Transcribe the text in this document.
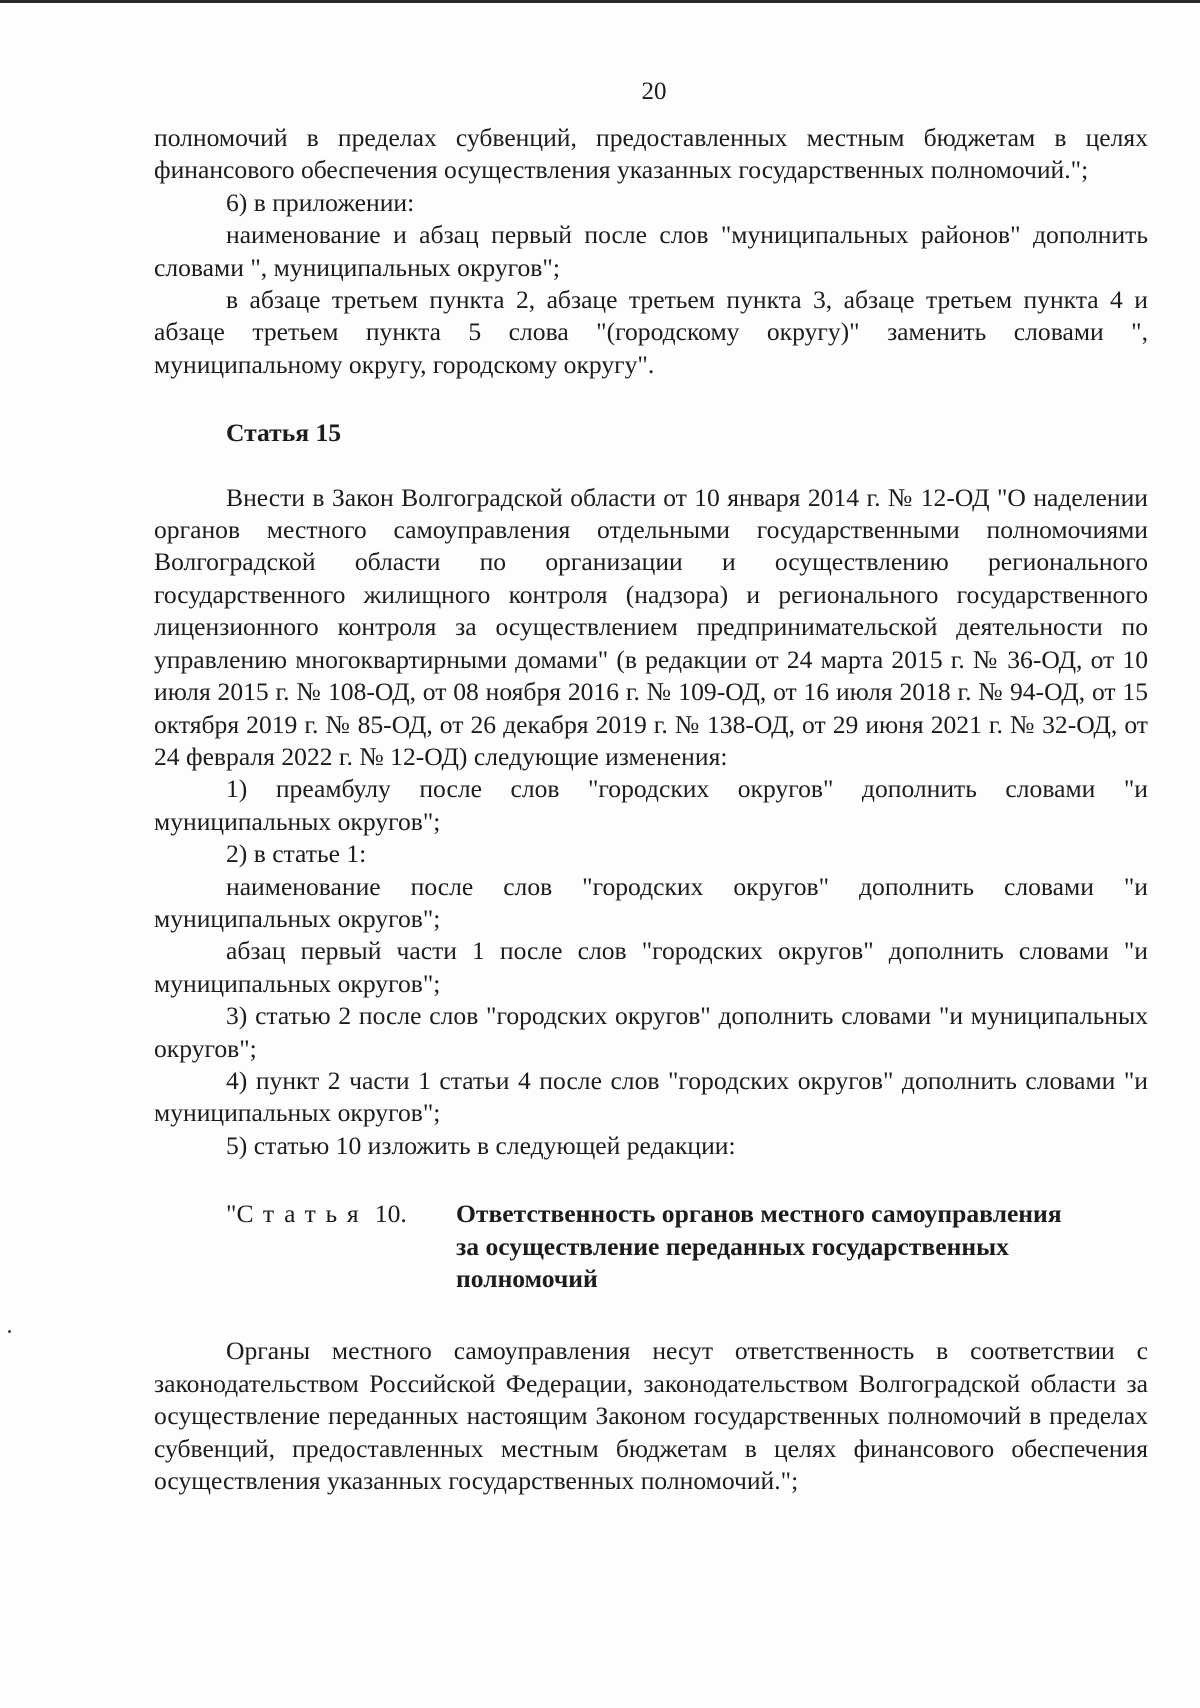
20

полномочий в пределах субвенций, предоставленных местным бюджетам в целях финансового обеспечения осуществления указанных государственных полномочий.";

6) в приложении:

наименование и абзац первый после слов "муниципальных районов" дополнить словами ", муниципальных округов";

в абзаце третьем пункта 2, абзаце третьем пункта 3, абзаце третьем пункта 4 и абзаце третьем пункта 5 слова "(городскому округу)" заменить словами ", муниципальному округу, городскому округу".

Статья 15

Внести в Закон Волгоградской области от 10 января 2014 г. № 12-ОД "О наделении органов местного самоуправления отдельными государственными полномочиями Волгоградской области по организации и осуществлению регионального государственного жилищного контроля (надзора) и регионального государственного лицензионного контроля за осуществлением предпринимательской деятельности по управлению многоквартирными домами" (в редакции от 24 марта 2015 г. № 36-ОД, от 10 июля 2015 г. № 108-ОД, от 08 ноября 2016 г. № 109-ОД, от 16 июля 2018 г. № 94-ОД, от 15 октября 2019 г. № 85-ОД, от 26 декабря 2019 г. № 138-ОД, от 29 июня 2021 г. № 32-ОД, от 24 февраля 2022 г. № 12-ОД) следующие изменения:

1) преамбулу после слов "городских округов" дополнить словами "и муниципальных округов";

2) в статье 1:

наименование после слов "городских округов" дополнить словами "и муниципальных округов";

абзац первый части 1 после слов "городских округов" дополнить словами "и муниципальных округов";

3) статью 2 после слов "городских округов" дополнить словами "и муниципальных округов";

4) пункт 2 части 1 статьи 4 после слов "городских округов" дополнить словами "и муниципальных округов";

5) статью 10 изложить в следующей редакции:

"Статья 10.	Ответственность органов местного самоуправления
за осуществление переданных государственных
полномочий

Органы местного самоуправления несут ответственность в соответствии с законодательством Российской Федерации, законодательством Волгоградской области за осуществление переданных настоящим Законом государственных полномочий в пределах субвенций, предоставленных местным бюджетам в целях финансового обеспечения осуществления указанных государственных полномочий.";
